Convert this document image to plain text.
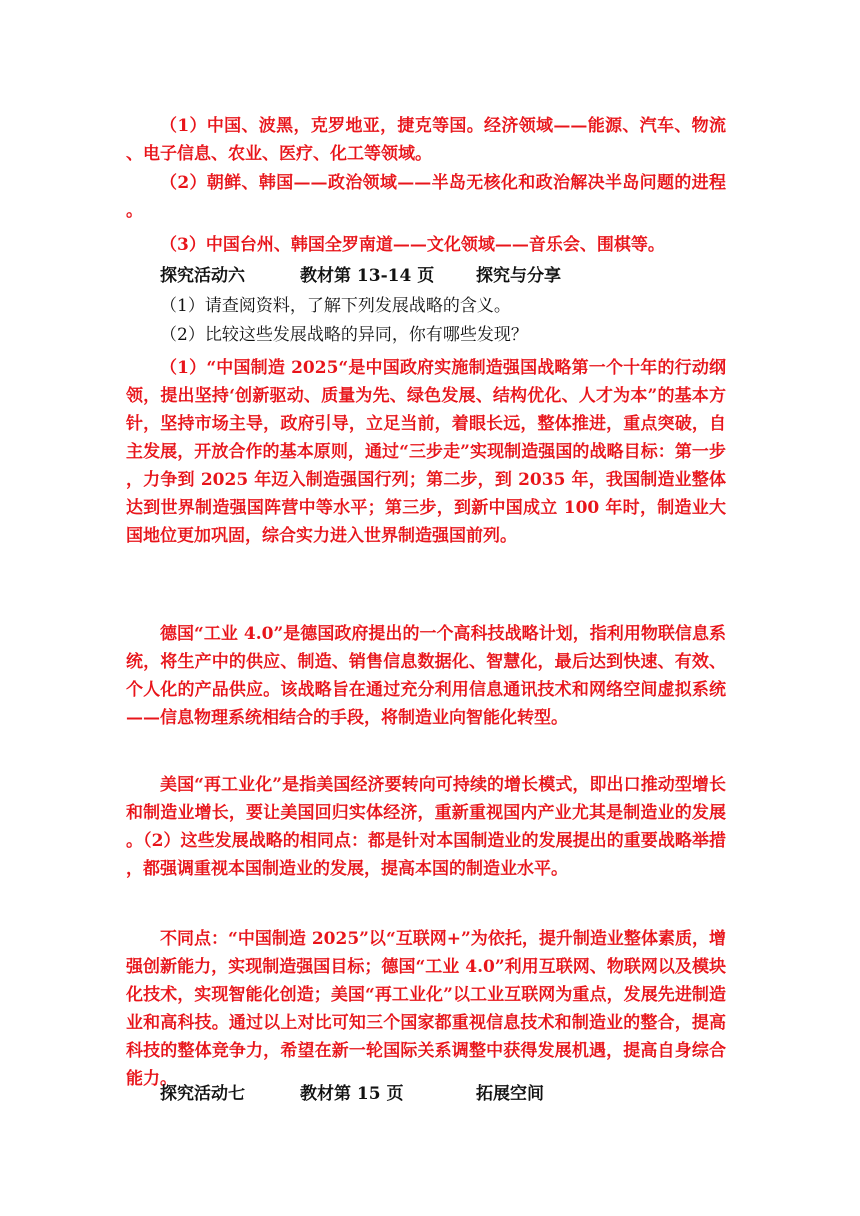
（1）中国、波黑，克罗地亚，捷克等国。经济领域——能源、汽车、物流、电子信息、农业、医疗、化工等领域。

（2）朝鲜、韩国——政治领域——半岛无核化和政治解决半岛问题的进程。

（3）中国台州、韩国全罗南道——文化领域——音乐会、围棋等。

探究活动六	教材第 13-14 页 探究与分享

（1）请查阅资料，了解下列发展战略的含义。

（2）比较这些发展战略的异同，你有哪些发现？

（1）“中国制造 2025“是中国政府实施制造强国战略第一个十年的行动纲领，提出坚持‘创新驱动、质量为先、绿色发展、结构优化、人才为本”的基本方针，坚持市场主导，政府引导，立足当前，着眼长远，整体推进，重点突破，自主发展，开放合作的基本原则，通过“三步走”实现制造强国的战略目标：第一步，力争到 2025 年迈入制造强国行列；第二步，到 2035 年，我国制造业整体达到世界制造强国阵营中等水平；第三步，到新中国成立 100 年时，制造业大国地位更加巩固，综合实力进入世界制造强国前列。

德国“工业 4.0”是德国政府提出的一个高科技战略计划，指利用物联信息系统，将生产中的供应、制造、销售信息数据化、智慧化，最后达到快速、有效、个人化的产品供应。该战略旨在通过充分利用信息通讯技术和网络空间虚拟系统——信息物理系统相结合的手段，将制造业向智能化转型。

美国“再工业化”是指美国经济要转向可持续的增长模式，即出口推动型增长和制造业增长，要让美国回归实体经济，重新重视国内产业尤其是制造业的发展。（2）这些发展战略的相同点：都是针对本国制造业的发展提出的重要战略举措，都强调重视本国制造业的发展，提高本国的制造业水平。

不同点：“中国制造 2025”以“互联网+”为依托，提升制造业整体素质，增强创新能力，实现制造强国目标；德国“工业 4.0”利用互联网、物联网以及模块化技术，实现智能化创造；美国“再工业化”以工业互联网为重点，发展先进制造业和高科技。通过以上对比可知三个国家都重视信息技术和制造业的整合，提高科技的整体竞争力，希望在新一轮国际关系调整中获得发展机遇，提高自身综合能力。

探究活动七	教材第 15 页	拓展空间
